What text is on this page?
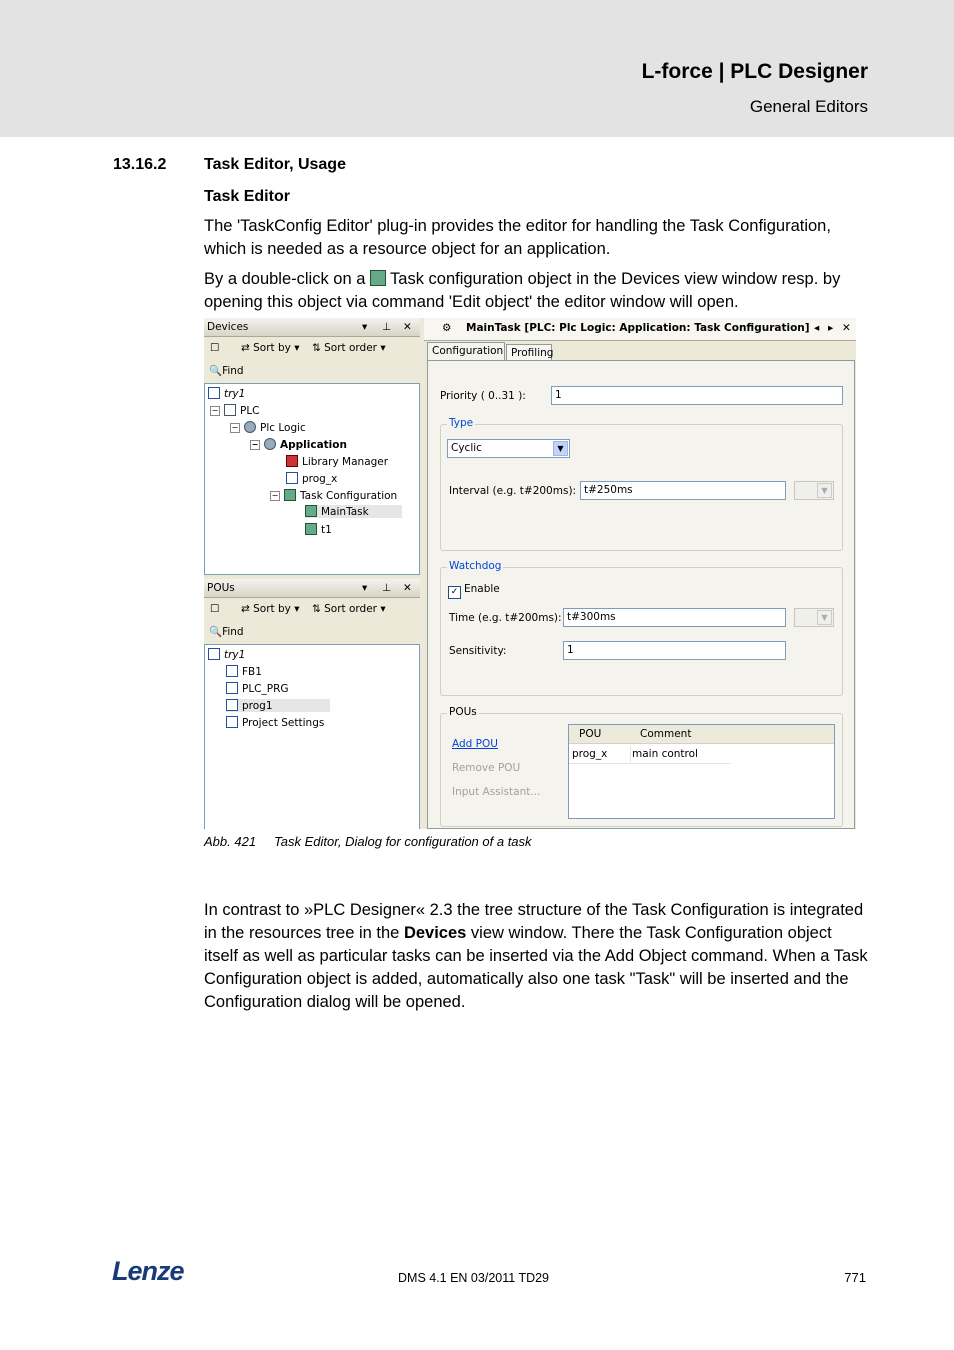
L-force | PLC Designer
General Editors
13.16.2 Task Editor, Usage
Task Editor
The 'TaskConfig Editor' plug-in provides the editor for handling the Task Configuration, which is needed as a resource object for an application.
By a double-click on a Task configuration object in the Devices view window resp. by opening this object via command 'Edit object' the editor window will open.
Devices	▾ ⊥ ✕
☐ ⇄ Sort by ▾ ⇅ Sort order ▾
🔍Find
try1
− PLC
− Plc Logic
− Application
Library Manager
prog_x
− Task Configuration
MainTask
t1
POUs	▾ ⊥ ✕
☐ ⇄ Sort by ▾ ⇅ Sort order ▾
🔍Find
try1
FB1
PLC_PRG
prog1
Project Settings
⚙ MainTask [PLC: Plc Logic: Application: Task Configuration] ◂ ▸ ✕
Configuration Profiling
Priority ( 0..31 ):	1
Type
Cyclic	▼
Interval (e.g. t#200ms): t#250ms	▼
Watchdog
✓ Enable
Time (e.g. t#200ms): t#300ms	▼
Sensitivity:	1
POUs
Add POU
Remove POU
Input Assistant...
POU	Comment
prog_x main control
Abb. 421 Task Editor, Dialog for configuration of a task
In contrast to »PLC Designer« 2.3 the tree structure of the Task Configuration is integrated in the resources tree in the Devices view window. There the Task Configuration object itself as well as particular tasks can be inserted via the Add Object command. When a Task Configuration object is added, automatically also one task "Task" will be inserted and the Configuration dialog will be opened.
Lenze	DMS 4.1 EN 03/2011 TD29	771
